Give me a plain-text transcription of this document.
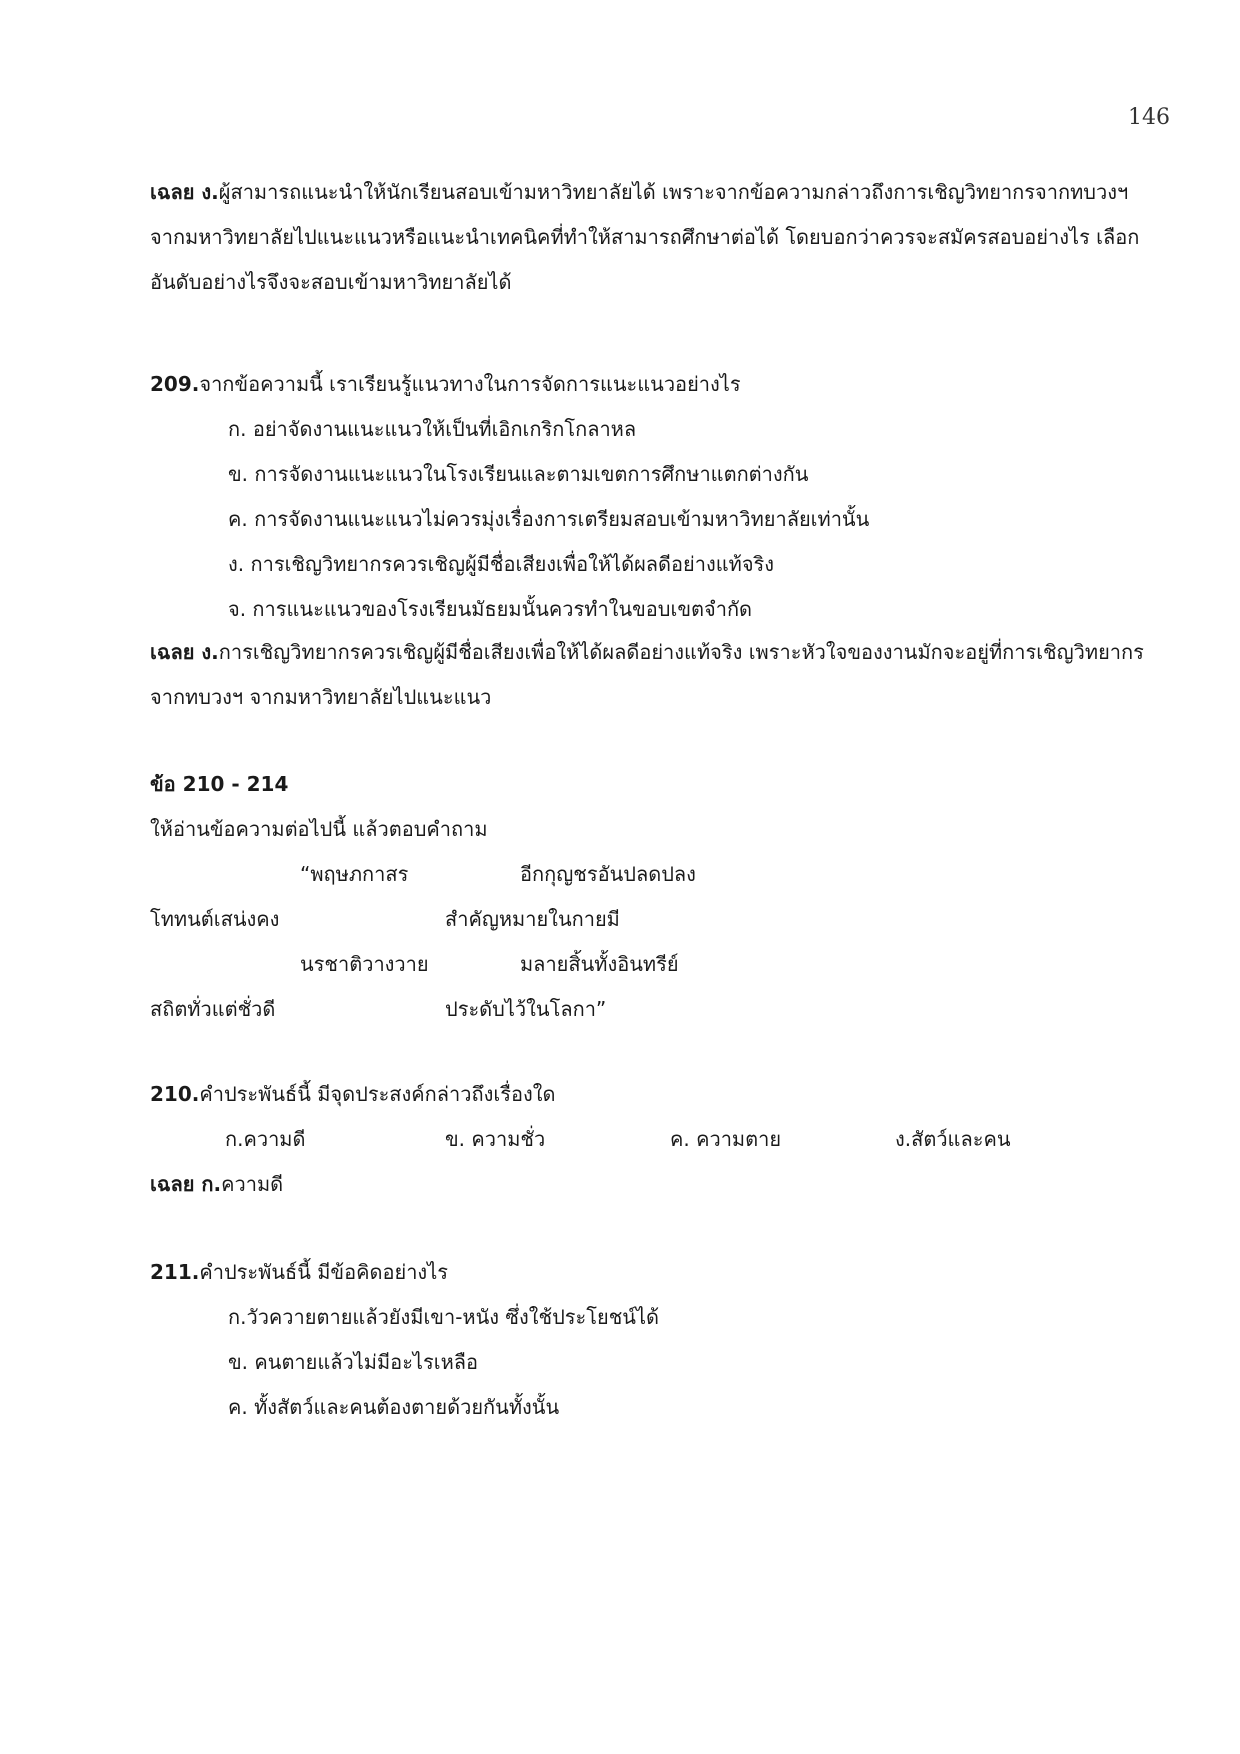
146

เฉลย ง.ผู้สามารถแนะนำให้นักเรียนสอบเข้ามหาวิทยาลัยได้ เพราะจากข้อความกล่าวถึงการเชิญวิทยากรจากทบวงฯ

จากมหาวิทยาลัยไปแนะแนวหรือแนะนำเทคนิคที่ทำให้สามารถศึกษาต่อได้ โดยบอกว่าควรจะสมัครสอบอย่างไร เลือก

อันดับอย่างไรจึงจะสอบเข้ามหาวิทยาลัยได้

209.จากข้อความนี้ เราเรียนรู้แนวทางในการจัดการแนะแนวอย่างไร
ก. อย่าจัดงานแนะแนวให้เป็นที่เอิกเกริกโกลาหล
ข. การจัดงานแนะแนวในโรงเรียนและตามเขตการศึกษาแตกต่างกัน
ค. การจัดงานแนะแนวไม่ควรมุ่งเรื่องการเตรียมสอบเข้ามหาวิทยาลัยเท่านั้น
ง. การเชิญวิทยากรควรเชิญผู้มีชื่อเสียงเพื่อให้ได้ผลดีอย่างแท้จริง
จ. การแนะแนวของโรงเรียนมัธยมนั้นควรทำในขอบเขตจำกัด
เฉลย ง.การเชิญวิทยากรควรเชิญผู้มีชื่อเสียงเพื่อให้ได้ผลดีอย่างแท้จริง เพราะหัวใจของงานมักจะอยู่ที่การเชิญวิทยากร
จากทบวงฯ จากมหาวิทยาลัยไปแนะแนว
ข้อ 210 - 214
ให้อ่านข้อความต่อไปนี้ แล้วตอบคำถาม
“พฤษภกาสร	อีกกุญชรอันปลดปลง
โททนต์เสน่งคง	สำคัญหมายในกายมี
นรชาติวางวาย	มลายสิ้นทั้งอินทรีย์
สถิตทั่วแต่ชั่วดี	ประดับไว้ในโลกา”
210.คำประพันธ์นี้ มีจุดประสงค์กล่าวถึงเรื่องใด
ก.ความดี	ข. ความชั่ว	ค. ความตาย	ง.สัตว์และคน
เฉลย ก.ความดี
211.คำประพันธ์นี้ มีข้อคิดอย่างไร
ก.วัวควายตายแล้วยังมีเขา-หนัง ซึ่งใช้ประโยชน์ได้
ข. คนตายแล้วไม่มีอะไรเหลือ
ค. ทั้งสัตว์และคนต้องตายด้วยกันทั้งนั้น
